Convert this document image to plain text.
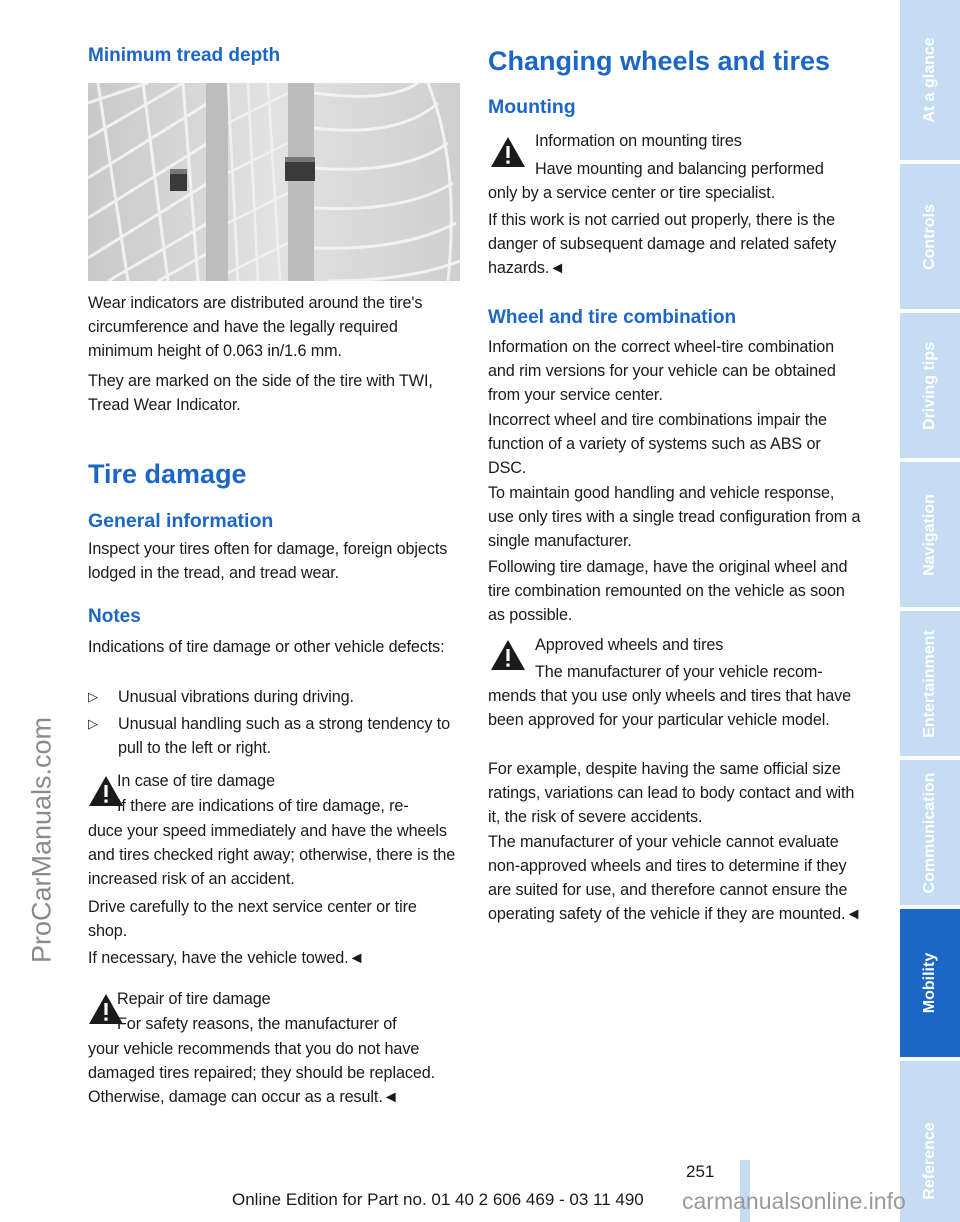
Minimum tread depth

Wear indicators are distributed around the tire's circumference and have the legally required minimum height of 0.063 in/1.6 mm.

They are marked on the side of the tire with TWI, Tread Wear Indicator.

Tire damage
General information

Inspect your tires often for damage, foreign objects lodged in the tread, and tread wear.

Notes

Indications of tire damage or other vehicle defects:

▷ Unusual vibrations during driving.

▷ Unusual handling such as a strong tendency to pull to the left or right.

In case of tire damage

If there are indications of tire damage, re-

duce your speed immediately and have the wheels and tires checked right away; otherwise, there is the increased risk of an accident.

Drive carefully to the next service center or tire shop.

If necessary, have the vehicle towed.◄

Repair of tire damage

For safety reasons, the manufacturer of

your vehicle recommends that you do not have damaged tires repaired; they should be replaced. Otherwise, damage can occur as a result.◄

Changing wheels and tires
Mounting

Information on mounting tires

Have mounting and balancing performed

only by a service center or tire specialist.

If this work is not carried out properly, there is the danger of subsequent damage and related safety hazards.◄

Wheel and tire combination

Information on the correct wheel-tire combination and rim versions for your vehicle can be obtained from your service center.

Incorrect wheel and tire combinations impair the function of a variety of systems such as ABS or DSC.

To maintain good handling and vehicle response, use only tires with a single tread configuration from a single manufacturer.

Following tire damage, have the original wheel and tire combination remounted on the vehicle as soon as possible.

Approved wheels and tires

The manufacturer of your vehicle recom-

mends that you use only wheels and tires that have been approved for your particular vehicle model.

For example, despite having the same official size ratings, variations can lead to body contact and with it, the risk of severe accidents.

The manufacturer of your vehicle cannot evaluate non-approved wheels and tires to determine if they are suited for use, and therefore cannot ensure the operating safety of the vehicle if they are mounted.◄

ProCarManuals.com
At a glance
Controls
Driving tips
Navigation
Entertainment
Communication
Mobility
Reference
251
Online Edition for Part no. 01 40 2 606 469 - 03 11 490 carmanualsonline.info
